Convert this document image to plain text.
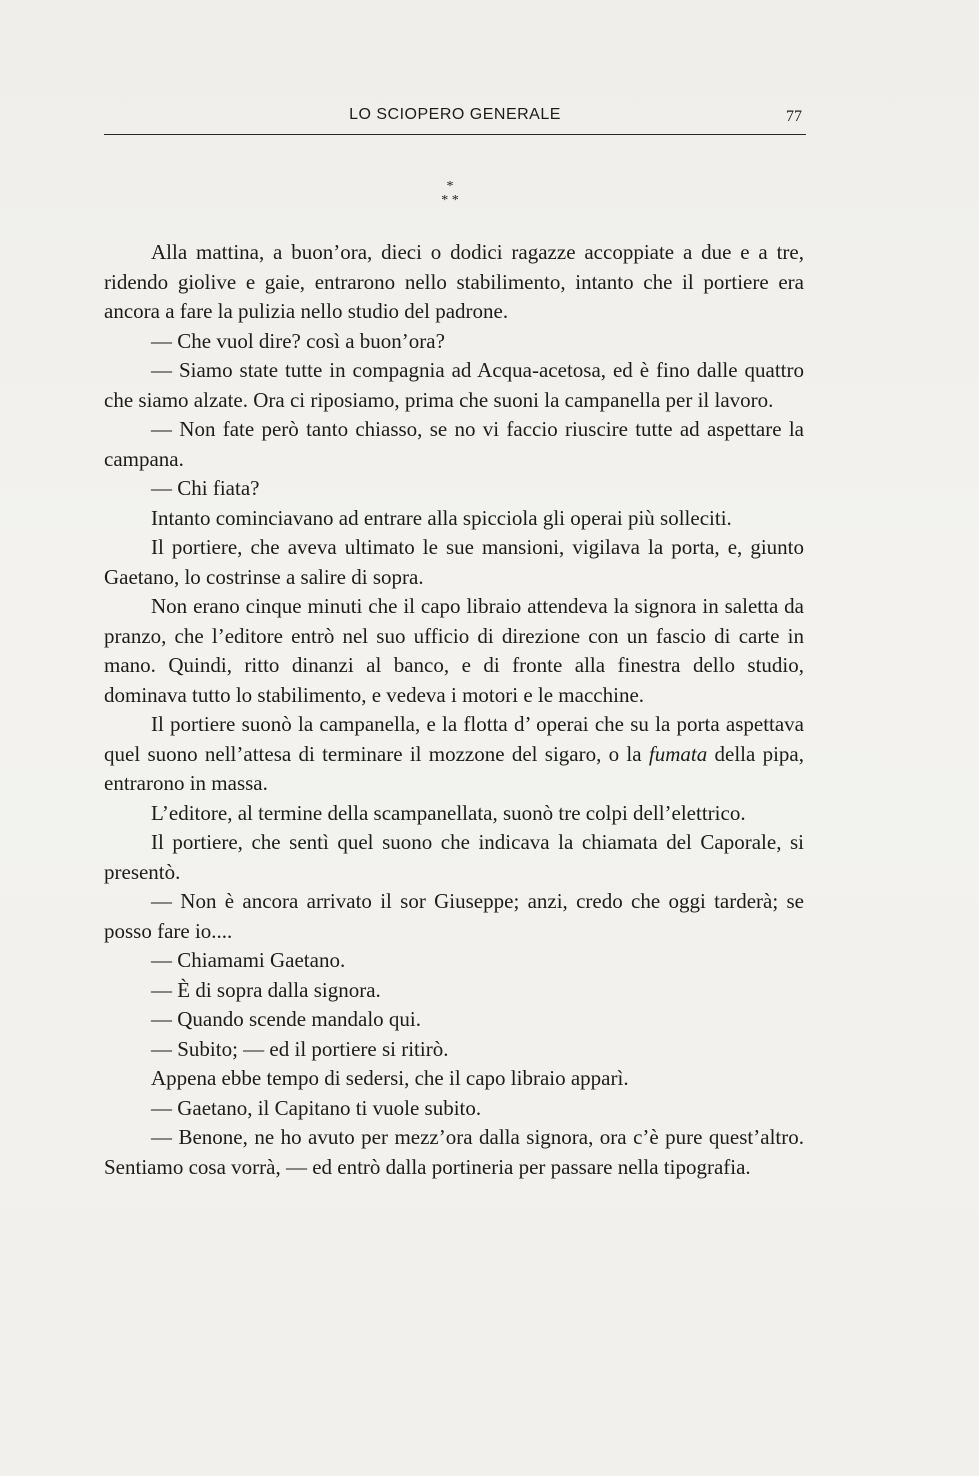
LO SCIOPERO GENERALE	77
*
* *

Alla mattina, a buon’ora, dieci o dodici ragazze accoppiate a due e a tre, ridendo giolive e gaie, entrarono nello stabilimento, intanto che il portiere era ancora a fare la pulizia nello studio del padrone.

— Che vuol dire? così a buon’ora?

— Siamo state tutte in compagnia ad Acqua-acetosa, ed è fino dalle quattro che siamo alzate. Ora ci riposiamo, prima che suoni la campanella per il lavoro.

— Non fate però tanto chiasso, se no vi faccio riuscire tutte ad aspettare la campana.

— Chi fiata?

Intanto cominciavano ad entrare alla spicciola gli operai più solleciti.

Il portiere, che aveva ultimato le sue mansioni, vigilava la porta, e, giunto Gaetano, lo costrinse a salire di sopra.

Non erano cinque minuti che il capo libraio attendeva la signora in saletta da pranzo, che l’editore entrò nel suo ufficio di direzione con un fascio di carte in mano. Quindi, ritto dinanzi al banco, e di fronte alla finestra dello studio, dominava tutto lo stabilimento, e vedeva i motori e le macchine.

Il portiere suonò la campanella, e la flotta d’ operai che su la porta aspettava quel suono nell’attesa di terminare il mozzone del sigaro, o la fumata della pipa, entrarono in massa.

L’editore, al termine della scampanellata, suonò tre colpi dell’elettrico.

Il portiere, che sentì quel suono che indicava la chiamata del Caporale, si presentò.

— Non è ancora arrivato il sor Giuseppe; anzi, credo che oggi tarderà; se posso fare io....

— Chiamami Gaetano.

— È di sopra dalla signora.

— Quando scende mandalo qui.

— Subito; — ed il portiere si ritirò.

Appena ebbe tempo di sedersi, che il capo libraio apparì.

— Gaetano, il Capitano ti vuole subito.

— Benone, ne ho avuto per mezz’ora dalla signora, ora c’è pure quest’altro. Sentiamo cosa vorrà, — ed entrò dalla portineria per passare nella tipografia.
